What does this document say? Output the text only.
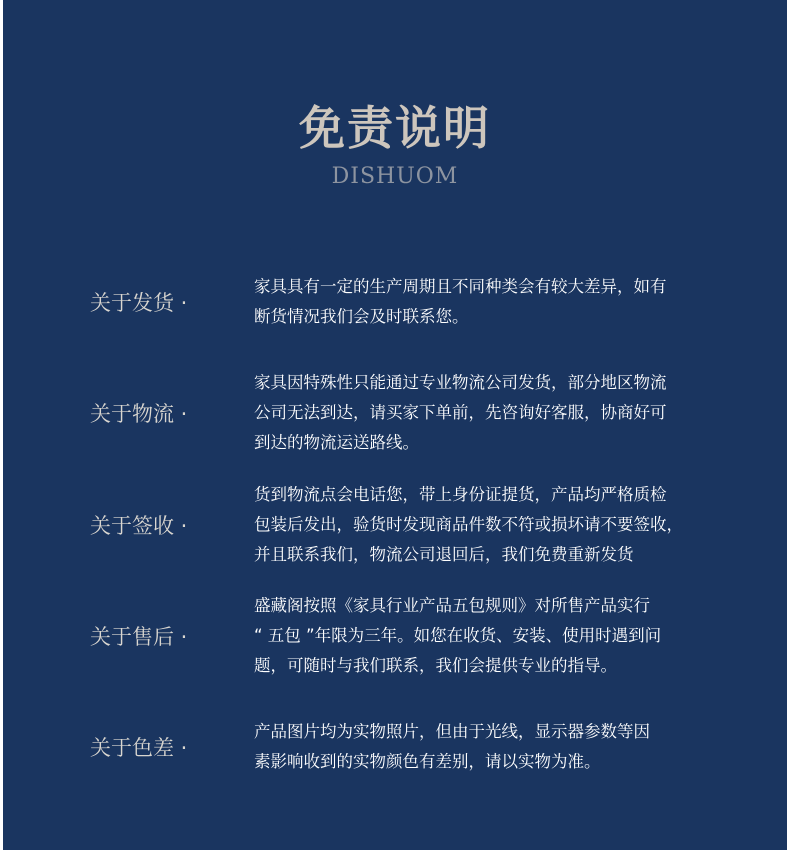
免责说明
DISHUOM
关于发货 ·
家具具有一定的生产周期且不同种类会有较大差异，如有
断货情况我们会及时联系您。
关于物流 ·
家具因特殊性只能通过专业物流公司发货，部分地区物流
公司无法到达，请买家下单前，先咨询好客服，协商好可
到达的物流运送路线。
关于签收 ·
货到物流点会电话您，带上身份证提货，产品均严格质检
包装后发出，验货时发现商品件数不符或损坏请不要签收，
并且联系我们，物流公司退回后，我们免费重新发货
关于售后 ·
盛藏阁按照《家具行业产品五包规则》对所售产品实行
“ 五包 ”年限为三年。如您在收货、安装、使用时遇到问
题，可随时与我们联系，我们会提供专业的指导。
关于色差 ·
产品图片均为实物照片，但由于光线，显示器参数等因
素影响收到的实物颜色有差别，请以实物为准。
